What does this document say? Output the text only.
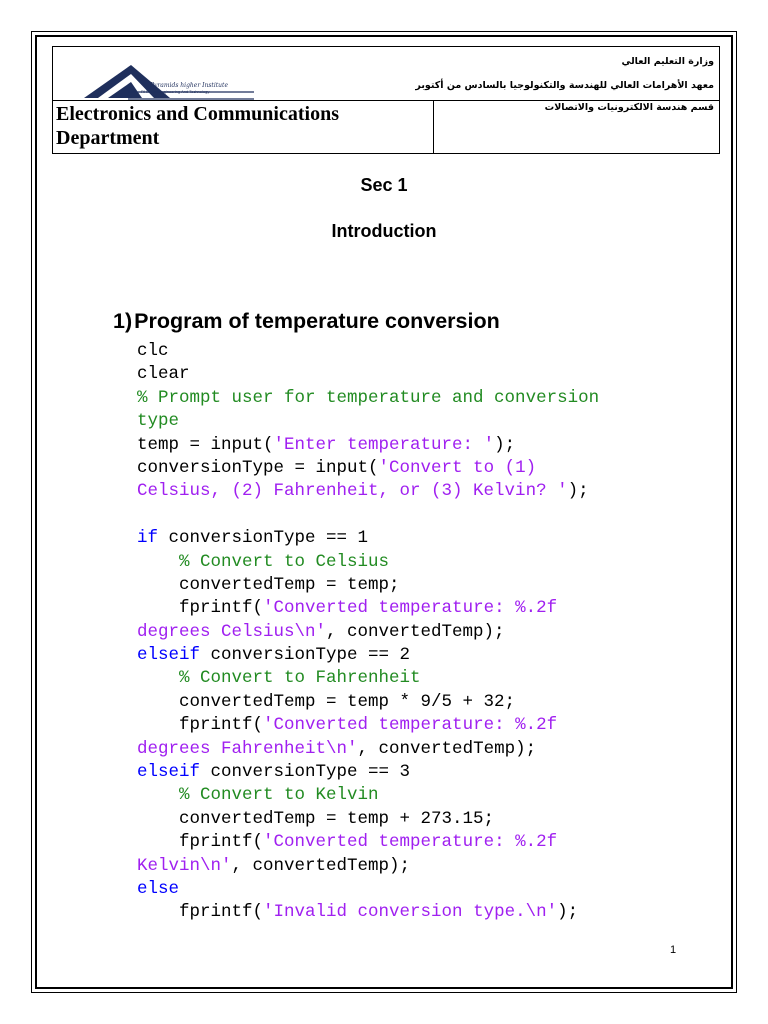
Pyramids higher Institute
P.H.I. For Engineering And Technology
وزارة التعليم العالي
معهد الأهرامات العالي للهندسة والتكنولوجيا بالسادس من أكتوبر
قسم هندسة الالكترونيات والاتصالات
Electronics and Communications Department
Sec 1
Introduction
1)Program of temperature conversion
clc
clear
% Prompt user for temperature and conversion
type
temp = input('Enter temperature: ');
conversionType = input('Convert to (1)
Celsius, (2) Fahrenheit, or (3) Kelvin? ');
if conversionType == 1
% Convert to Celsius
convertedTemp = temp;
fprintf('Converted temperature: %.2f
degrees Celsius\n', convertedTemp);
elseif conversionType == 2
% Convert to Fahrenheit
convertedTemp = temp * 9/5 + 32;
fprintf('Converted temperature: %.2f
degrees Fahrenheit\n', convertedTemp);
elseif conversionType == 3
% Convert to Kelvin
convertedTemp = temp + 273.15;
fprintf('Converted temperature: %.2f
Kelvin\n', convertedTemp);
else
fprintf('Invalid conversion type.\n');
1
